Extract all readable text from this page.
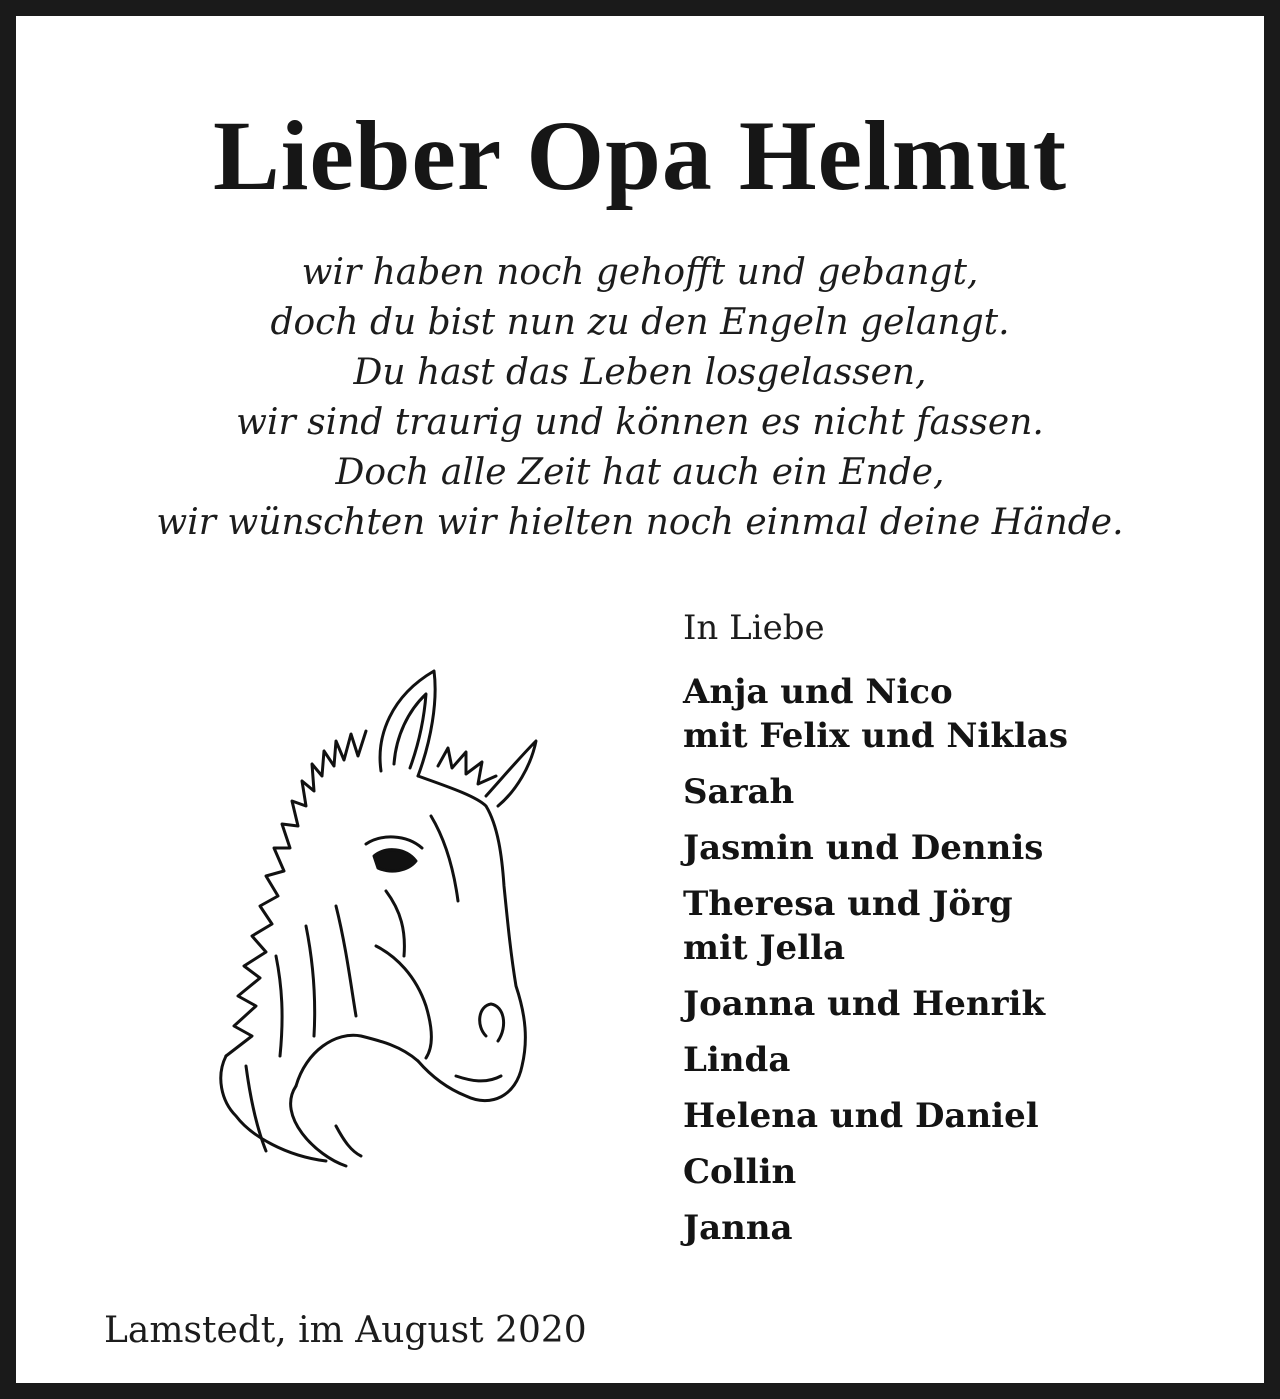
Lieber Opa Helmut
wir haben noch gehofft und gebangt,
doch du bist nun zu den Engeln gelangt.
Du hast das Leben losgelassen,
wir sind traurig und können es nicht fassen.
Doch alle Zeit hat auch ein Ende,
wir wünschten wir hielten noch einmal deine Hände.
In Liebe
Anja und Nico
mit Felix und Niklas
Sarah
Jasmin und Dennis
Theresa und Jörg
mit Jella
Joanna und Henrik
Linda
Helena und Daniel
Collin
Janna
Lamstedt, im August 2020
